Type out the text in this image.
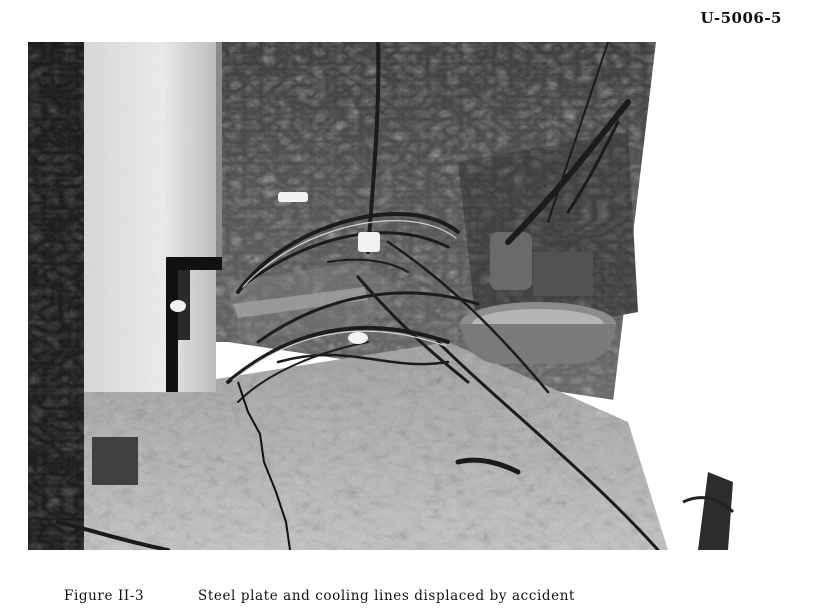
U-5006-5
Figure II-3	Steel plate and cooling lines displaced by accident
